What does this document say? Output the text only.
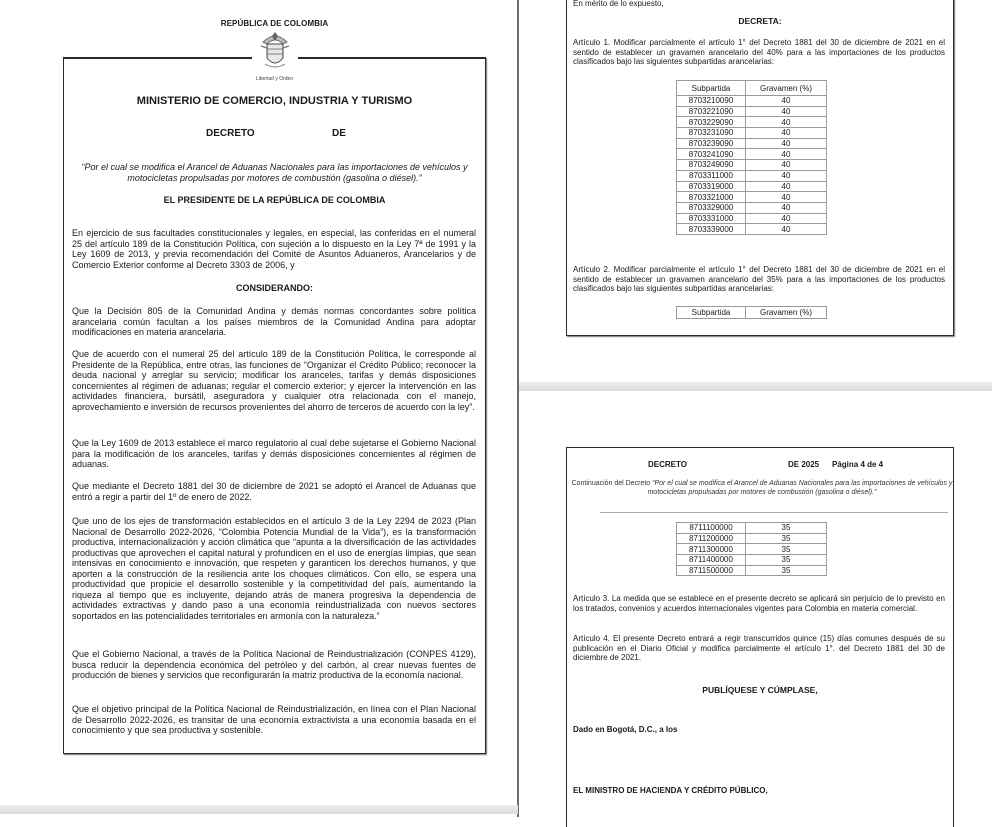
REPÚBLICA DE COLOMBIA
Libertad y Orden
MINISTERIO DE COMERCIO, INDUSTRIA Y TURISMO
DECRETO	DE
“Por el cual se modifica el Arancel de Aduanas Nacionales para las importaciones de vehículos y motocicletas propulsadas por motores de combustión (gasolina o diésel).”
EL PRESIDENTE DE LA REPÚBLICA DE COLOMBIA

En ejercicio de sus facultades constitucionales y legales, en especial, las conferidas en el numeral 25 del artículo 189 de la Constitución Política, con sujeción a lo dispuesto en la Ley 7ª de 1991 y la Ley 1609 de 2013, y previa recomendación del Comité de Asuntos Aduaneros, Arancelarios y de Comercio Exterior conforme al Decreto 3303 de 2006, y

CONSIDERANDO:

Que la Decisión 805 de la Comunidad Andina y demás normas concordantes sobre política arancelaria común facultan a los países miembros de la Comunidad Andina para adoptar modificaciones en materia arancelaria.

Que de acuerdo con el numeral 25 del artículo 189 de la Constitución Política, le corresponde al Presidente de la República, entre otras, las funciones de “Organizar el Crédito Público; reconocer la deuda nacional y arreglar su servicio; modificar los aranceles, tarifas y demás disposiciones concernientes al régimen de aduanas; regular el comercio exterior; y ejercer la intervención en las actividades financiera, bursátil, aseguradora y cualquier otra relacionada con el manejo, aprovechamiento e inversión de recursos provenientes del ahorro de terceros de acuerdo con la ley”.

Que la Ley 1609 de 2013 establece el marco regulatorio al cual debe sujetarse el Gobierno Nacional para la modificación de los aranceles, tarifas y demás disposiciones concernientes al régimen de aduanas.

Que mediante el Decreto 1881 del 30 de diciembre de 2021 se adoptó el Arancel de Aduanas que entró a regir a partir del 1º de enero de 2022.

Que uno de los ejes de transformación establecidos en el artículo 3 de la Ley 2294 de 2023 (Plan Nacional de Desarrollo 2022-2026, “Colombia Potencia Mundial de la Vida”), es la transformación productiva, internacionalización y acción climática que “apunta a la diversificación de las actividades productivas que aprovechen el capital natural y profundicen en el uso de energías limpias, que sean intensivas en conocimiento e innovación, que respeten y garanticen los derechos humanos, y que aporten a la construcción de la resiliencia ante los choques climáticos. Con ello, se espera una productividad que propicie el desarrollo sostenible y la competitividad del país, aumentando la riqueza al tiempo que es incluyente, dejando atrás de manera progresiva la dependencia de actividades extractivas y dando paso a una economía reindustrializada con nuevos sectores soportados en las potencialidades territoriales en armonía con la naturaleza.”

Que el Gobierno Nacional, a través de la Política Nacional de Reindustrialización (CONPES 4129), busca reducir la dependencia económica del petróleo y del carbón, al crear nuevas fuentes de producción de bienes y servicios que reconfigurarán la matriz productiva de la economía nacional.

Que el objetivo principal de la Política Nacional de Reindustrialización, en línea con el Plan Nacional de Desarrollo 2022-2026, es transitar de una economía extractivista a una economía basada en el conocimiento y que sea productiva y sostenible.

En mérito de lo expuesto,

DECRETA:

Artículo 1. Modificar parcialmente el artículo 1° del Decreto 1881 del 30 de diciembre de 2021 en el sentido de establecer un gravamen arancelario del 40% para a las importaciones de los productos clasificados bajo las siguientes subpartidas arancelarias:

Subpartida	Gravamen (%)
8703210090	40
8703221090	40
8703229090	40
8703231090	40
8703239090	40
8703241090	40
8703249090	40
8703311000	40
8703319000	40
8703321000	40
8703329000	40
8703331000	40
8703339000	40

Artículo 2. Modificar parcialmente el artículo 1° del Decreto 1881 del 30 de diciembre de 2021 en el sentido de establecer un gravamen arancelario del 35% para a las importaciones de los productos clasificados bajo las siguientes subpartidas arancelarias:

Subpartida	Gravamen (%)
DECRETO	DE 2025 Página 4 de 4
Continuación del Decreto “Por el cual se modifica el Arancel de Aduanas Nacionales para las importaciones de vehículos y motocicletas propulsadas por motores de combustión (gasolina o diésel).”
8711100000	35
8711200000	35
8711300000	35
8711400000	35
8711500000	35

Artículo 3. La medida que se establece en el presente decreto se aplicará sin perjuicio de lo previsto en los tratados, convenios y acuerdos internacionales vigentes para Colombia en materia comercial.

Artículo 4. El presente Decreto entrará a regir transcurridos quince (15) días comunes después de su publicación en el Diario Oficial y modifica parcialmente el artículo 1°. del Decreto 1881 del 30 de diciembre de 2021.

PUBLÍQUESE Y CÚMPLASE,
Dado en Bogotá, D.C., a los
EL MINISTRO DE HACIENDA Y CRÉDITO PÚBLICO,
